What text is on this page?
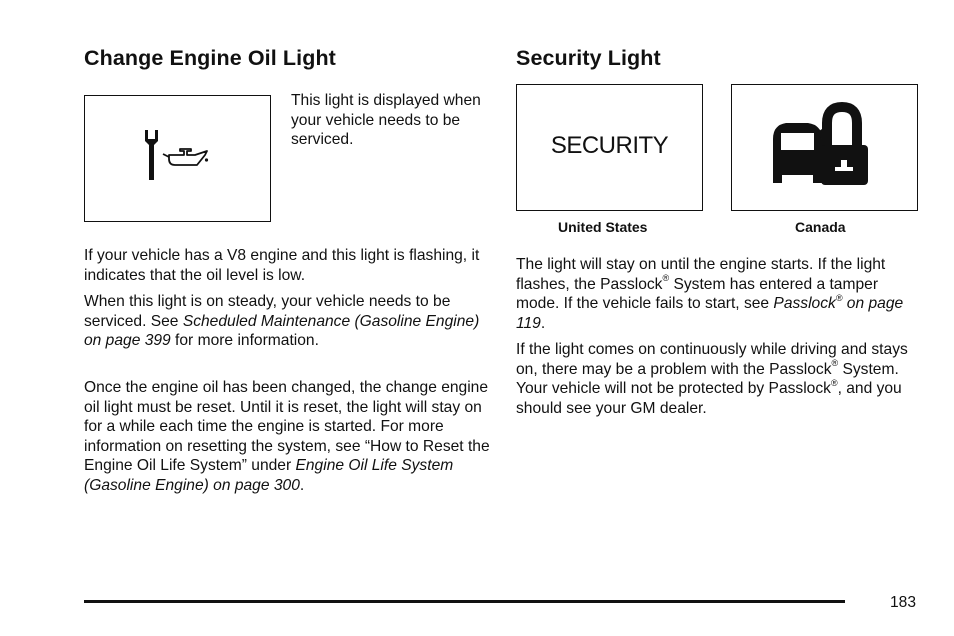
Change Engine Oil Light

This light is displayed when your vehicle needs to be serviced.

If your vehicle has a V8 engine and this light is flashing, it indicates that the oil level is low.

When this light is on steady, your vehicle needs to be serviced. See Scheduled Maintenance (Gasoline Engine) on page 399 for more information.

Once the engine oil has been changed, the change engine oil light must be reset. Until it is reset, the light will stay on for a while each time the engine is started. For more information on resetting the system, see “How to Reset the Engine Oil Life System” under Engine Oil Life System (Gasoline Engine) on page 300.

Security Light
SECURITY
United States	Canada

The light will stay on until the engine starts. If the light flashes, the Passlock® System has entered a tamper mode. If the vehicle fails to start, see Passlock® on page 119.

If the light comes on continuously while driving and stays on, there may be a problem with the Passlock® System. Your vehicle will not be protected by Passlock®, and you should see your GM dealer.

183
